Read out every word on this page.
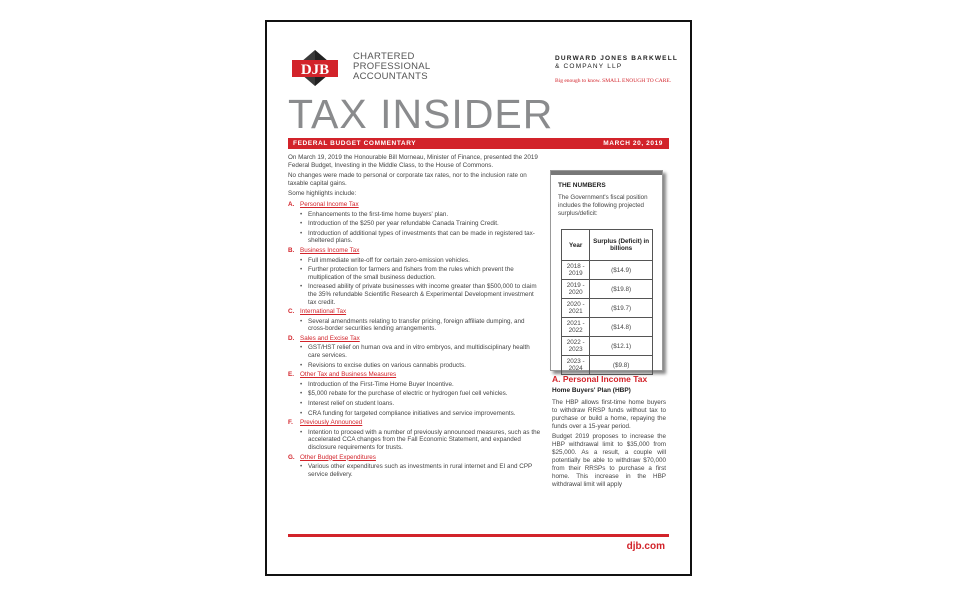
DJB
CHARTERED
PROFESSIONAL
ACCOUNTANTS
DURWARD JONES BARKWELL
& COMPANY LLP
Big enough to know. SMALL ENOUGH TO CARE.
TAX INSIDER
FEDERAL BUDGET COMMENTARY	MARCH 20, 2019

On March 19, 2019 the Honourable Bill Morneau, Minister of Finance, presented the 2019 Federal Budget, Investing in the Middle Class, to the House of Commons.

No changes were made to personal or corporate tax rates, nor to the inclusion rate on taxable capital gains.

Some highlights include:

A. Personal Income Tax
• Enhancements to the first-time home buyers' plan.
• Introduction of the $250 per year refundable Canada Training Credit.
• Introduction of additional types of investments that can be made in registered tax-sheltered plans.
B. Business Income Tax
• Full immediate write-off for certain zero-emission vehicles.
• Further protection for farmers and fishers from the rules which prevent the multiplication of the small business deduction.
• Increased ability of private businesses with income greater than $500,000 to claim the 35% refundable Scientific Research & Experimental Development investment tax credit.
C. International Tax
• Several amendments relating to transfer pricing, foreign affiliate dumping, and cross-border securities lending arrangements.
D. Sales and Excise Tax
• GST/HST relief on human ova and in vitro embryos, and multidisciplinary health care services.
• Revisions to excise duties on various cannabis products.
E. Other Tax and Business Measures
• Introduction of the First-Time Home Buyer Incentive.
• $5,000 rebate for the purchase of electric or hydrogen fuel cell vehicles.
• Interest relief on student loans.
• CRA funding for targeted compliance initiatives and service improvements.
F. Previously Announced
• Intention to proceed with a number of previously announced measures, such as the accelerated CCA changes from the Fall Economic Statement, and expanded disclosure requirements for trusts.
G. Other Budget Expenditures
• Various other expenditures such as investments in rural internet and EI and CPP service delivery.
THE NUMBERS
The Government's fiscal position includes the following projected surplus/deficit:
Year	Surplus (Deficit) in billions
2018 - 2019	($14.9)
2019 - 2020	($19.8)
2020 - 2021	($19.7)
2021 - 2022	($14.8)
2022 - 2023	($12.1)
2023 - 2024	($9.8)
A. Personal Income Tax
Home Buyers' Plan (HBP)

The HBP allows first-time home buyers to withdraw RRSP funds without tax to purchase or build a home, repaying the funds over a 15-year period.

Budget 2019 proposes to increase the HBP withdrawal limit to $35,000 from $25,000. As a result, a couple will potentially be able to withdraw $70,000 from their RRSPs to purchase a first home. This increase in the HBP withdrawal limit will apply

djb.com
